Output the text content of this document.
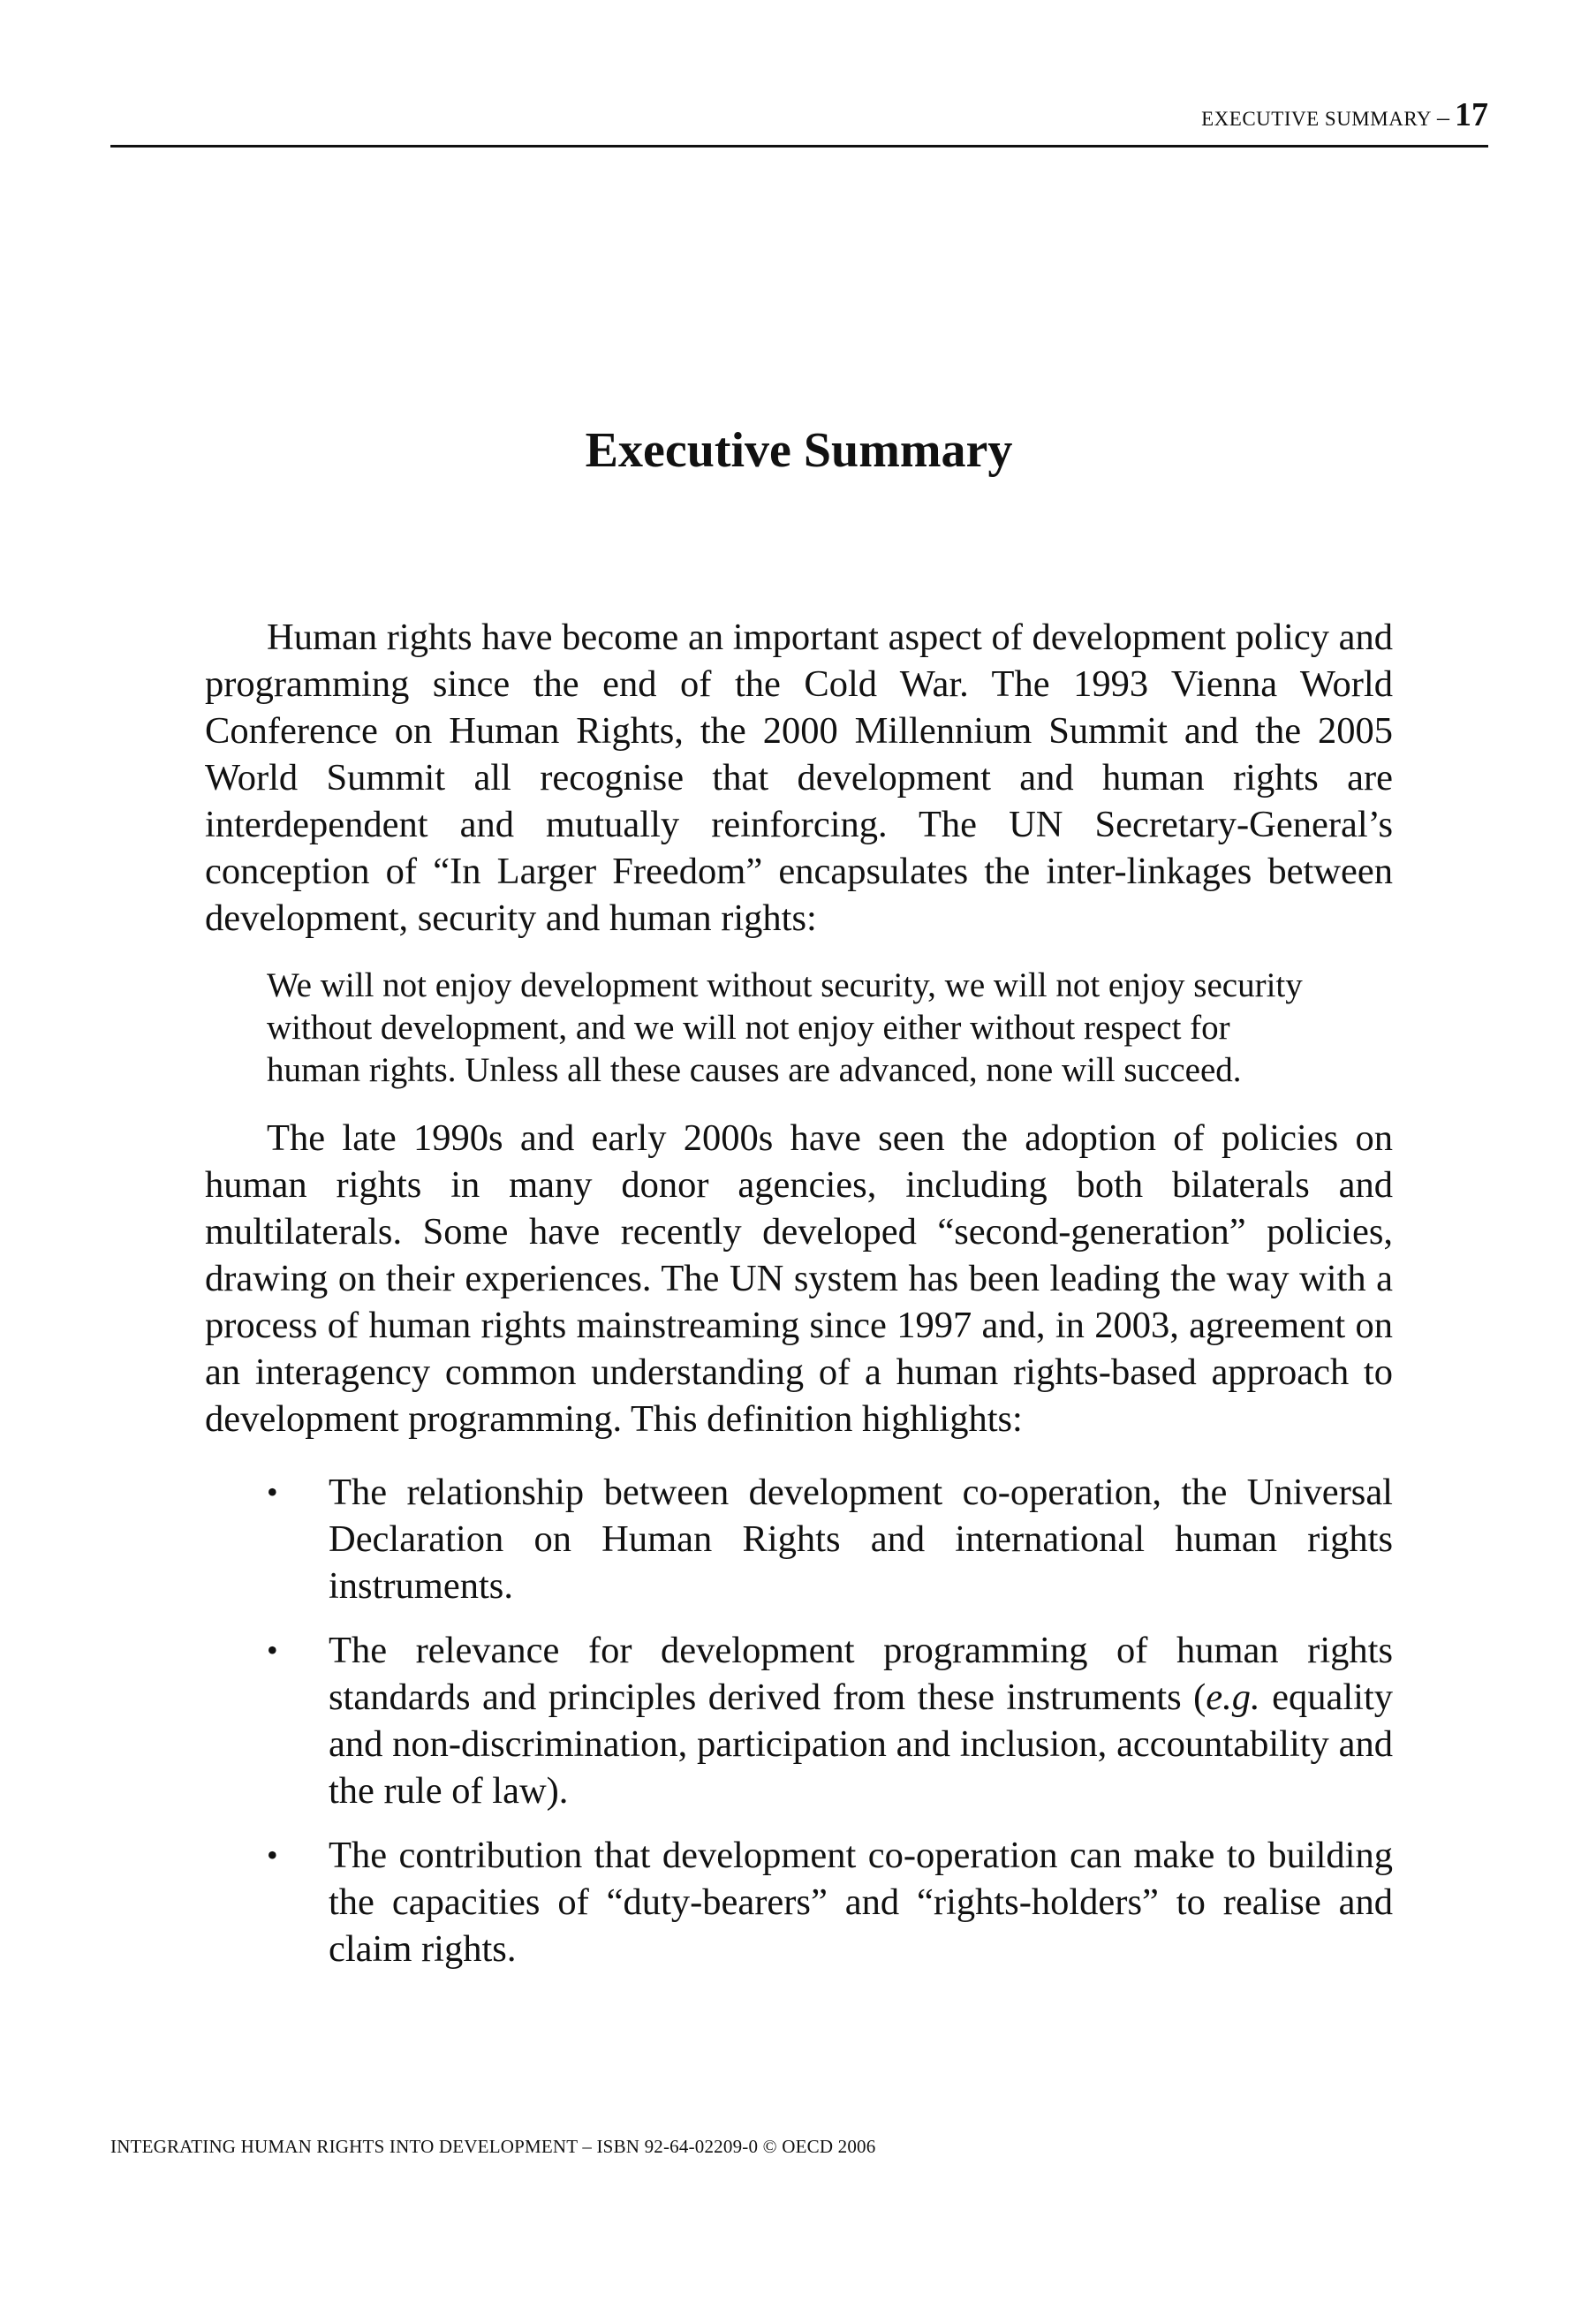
EXECUTIVE SUMMARY – 17
Executive Summary

Human rights have become an important aspect of development policy and programming since the end of the Cold War. The 1993 Vienna World Conference on Human Rights, the 2000 Millennium Summit and the 2005 World Summit all recognise that development and human rights are interdependent and mutually reinforcing. The UN Secretary-General’s conception of “In Larger Freedom” encapsulates the inter-linkages between development, security and human rights:

We will not enjoy development without security, we will not enjoy security without development, and we will not enjoy either without respect for human rights. Unless all these causes are advanced, none will succeed.

The late 1990s and early 2000s have seen the adoption of policies on human rights in many donor agencies, including both bilaterals and multilaterals. Some have recently developed “second-generation” policies, drawing on their experiences. The UN system has been leading the way with a process of human rights mainstreaming since 1997 and, in 2003, agreement on an interagency common understanding of a human rights-based approach to development programming. This definition highlights:

• The relationship between development co-operation, the Universal Declaration on Human Rights and international human rights instruments.
• The relevance for development programming of human rights standards and principles derived from these instruments (e.g. equality and non-discrimination, participation and inclusion, accountability and the rule of law).
• The contribution that development co-operation can make to building the capacities of “duty-bearers” and “rights-holders” to realise and claim rights.
INTEGRATING HUMAN RIGHTS INTO DEVELOPMENT – ISBN 92-64-02209-0 © OECD 2006
